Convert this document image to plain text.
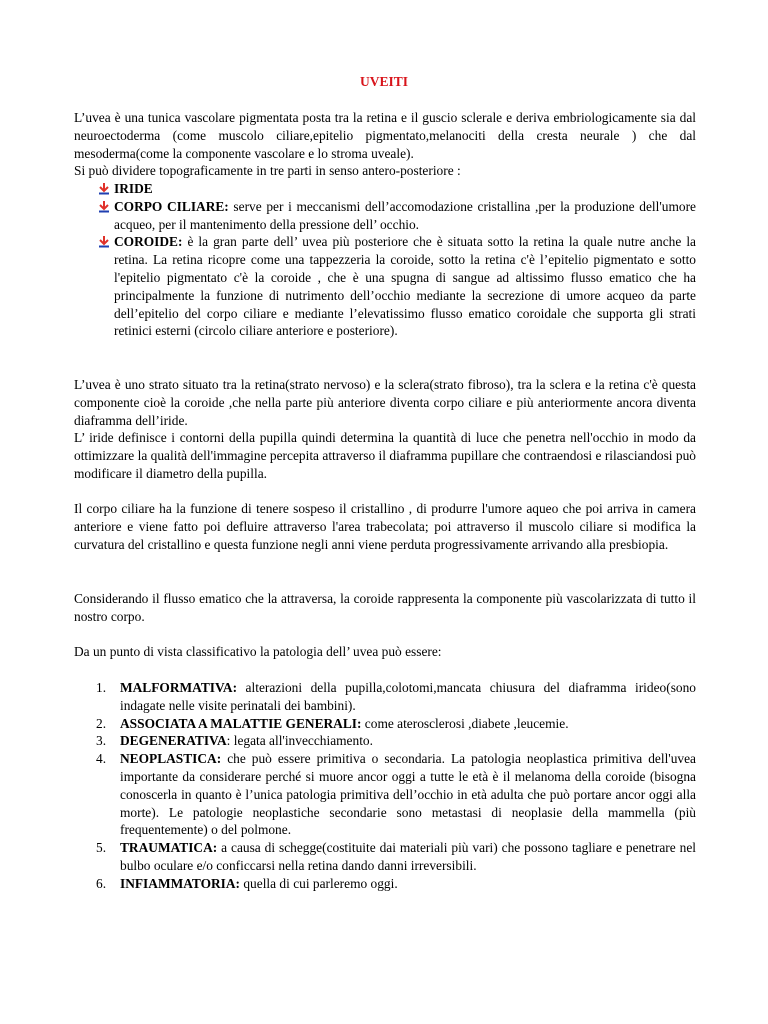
UVEITI
L’uvea è una tunica vascolare pigmentata posta tra la retina e il guscio sclerale e deriva embriologicamente sia dal neuroectoderma (come muscolo ciliare,epitelio pigmentato,melanociti della cresta neurale ) che dal mesoderma(come la componente vascolare e lo stroma uveale).
Si può dividere topograficamente in tre parti in senso antero-posteriore :
IRIDE
CORPO CILIARE: serve per i meccanismi dell’accomodazione cristallina ,per la produzione dell'umore acqueo, per il mantenimento della pressione dell’ occhio.
COROIDE: è la gran parte dell’ uvea più posteriore che è situata sotto la retina la quale nutre anche la retina. La retina ricopre come una tappezzeria la coroide, sotto la retina c'è l’epitelio pigmentato e sotto l'epitelio pigmentato c'è la coroide , che è una spugna di sangue ad altissimo flusso ematico che ha principalmente la funzione di nutrimento dell’occhio mediante la secrezione di umore acqueo da parte dell’epitelio del corpo ciliare e mediante l’elevatissimo flusso ematico coroidale che supporta gli strati retinici esterni (circolo ciliare anteriore e posteriore).
L’uvea è uno strato situato tra la retina(strato nervoso) e la sclera(strato fibroso), tra la sclera e la retina c'è questa componente cioè la coroide ,che nella parte più anteriore diventa corpo ciliare e più anteriormente ancora diventa diaframma dell’iride.
L’ iride definisce i contorni della pupilla quindi determina la quantità di luce che penetra nell'occhio in modo da ottimizzare la qualità dell'immagine percepita attraverso il diaframma pupillare che contraendosi e rilasciandosi può modificare il diametro della pupilla.
Il corpo ciliare ha la funzione di tenere sospeso il cristallino , di produrre l'umore aqueo che poi arriva in camera anteriore e viene fatto poi defluire attraverso l'area trabecolata; poi attraverso il muscolo ciliare si modifica la curvatura del cristallino e questa funzione negli anni viene perduta progressivamente arrivando alla presbiopia.
Considerando il flusso ematico che la attraversa, la coroide rappresenta la componente più vascolarizzata di tutto il nostro corpo.
Da un punto di vista classificativo la patologia dell’ uvea può essere:
1.	MALFORMATIVA: alterazioni della pupilla,colotomi,mancata chiusura del diaframma irideo(sono indagate nelle visite perinatali dei bambini).
2.	ASSOCIATA A MALATTIE GENERALI: come aterosclerosi ,diabete ,leucemie.
3.	DEGENERATIVA: legata all'invecchiamento.
4.	NEOPLASTICA: che può essere primitiva o secondaria. La patologia neoplastica primitiva dell'uvea importante da considerare perché si muore ancor oggi a tutte le età è il melanoma della coroide (bisogna conoscerla in quanto è l’unica patologia primitiva dell’occhio in età adulta che può portare ancor oggi alla morte). Le patologie neoplastiche secondarie sono metastasi di neoplasie della mammella (più frequentemente) o del polmone.
5.	TRAUMATICA: a causa di schegge(costituite dai materiali più vari) che possono tagliare e penetrare nel bulbo oculare e/o conficcarsi nella retina dando danni irreversibili.
6.	INFIAMMATORIA: quella di cui parleremo oggi.
